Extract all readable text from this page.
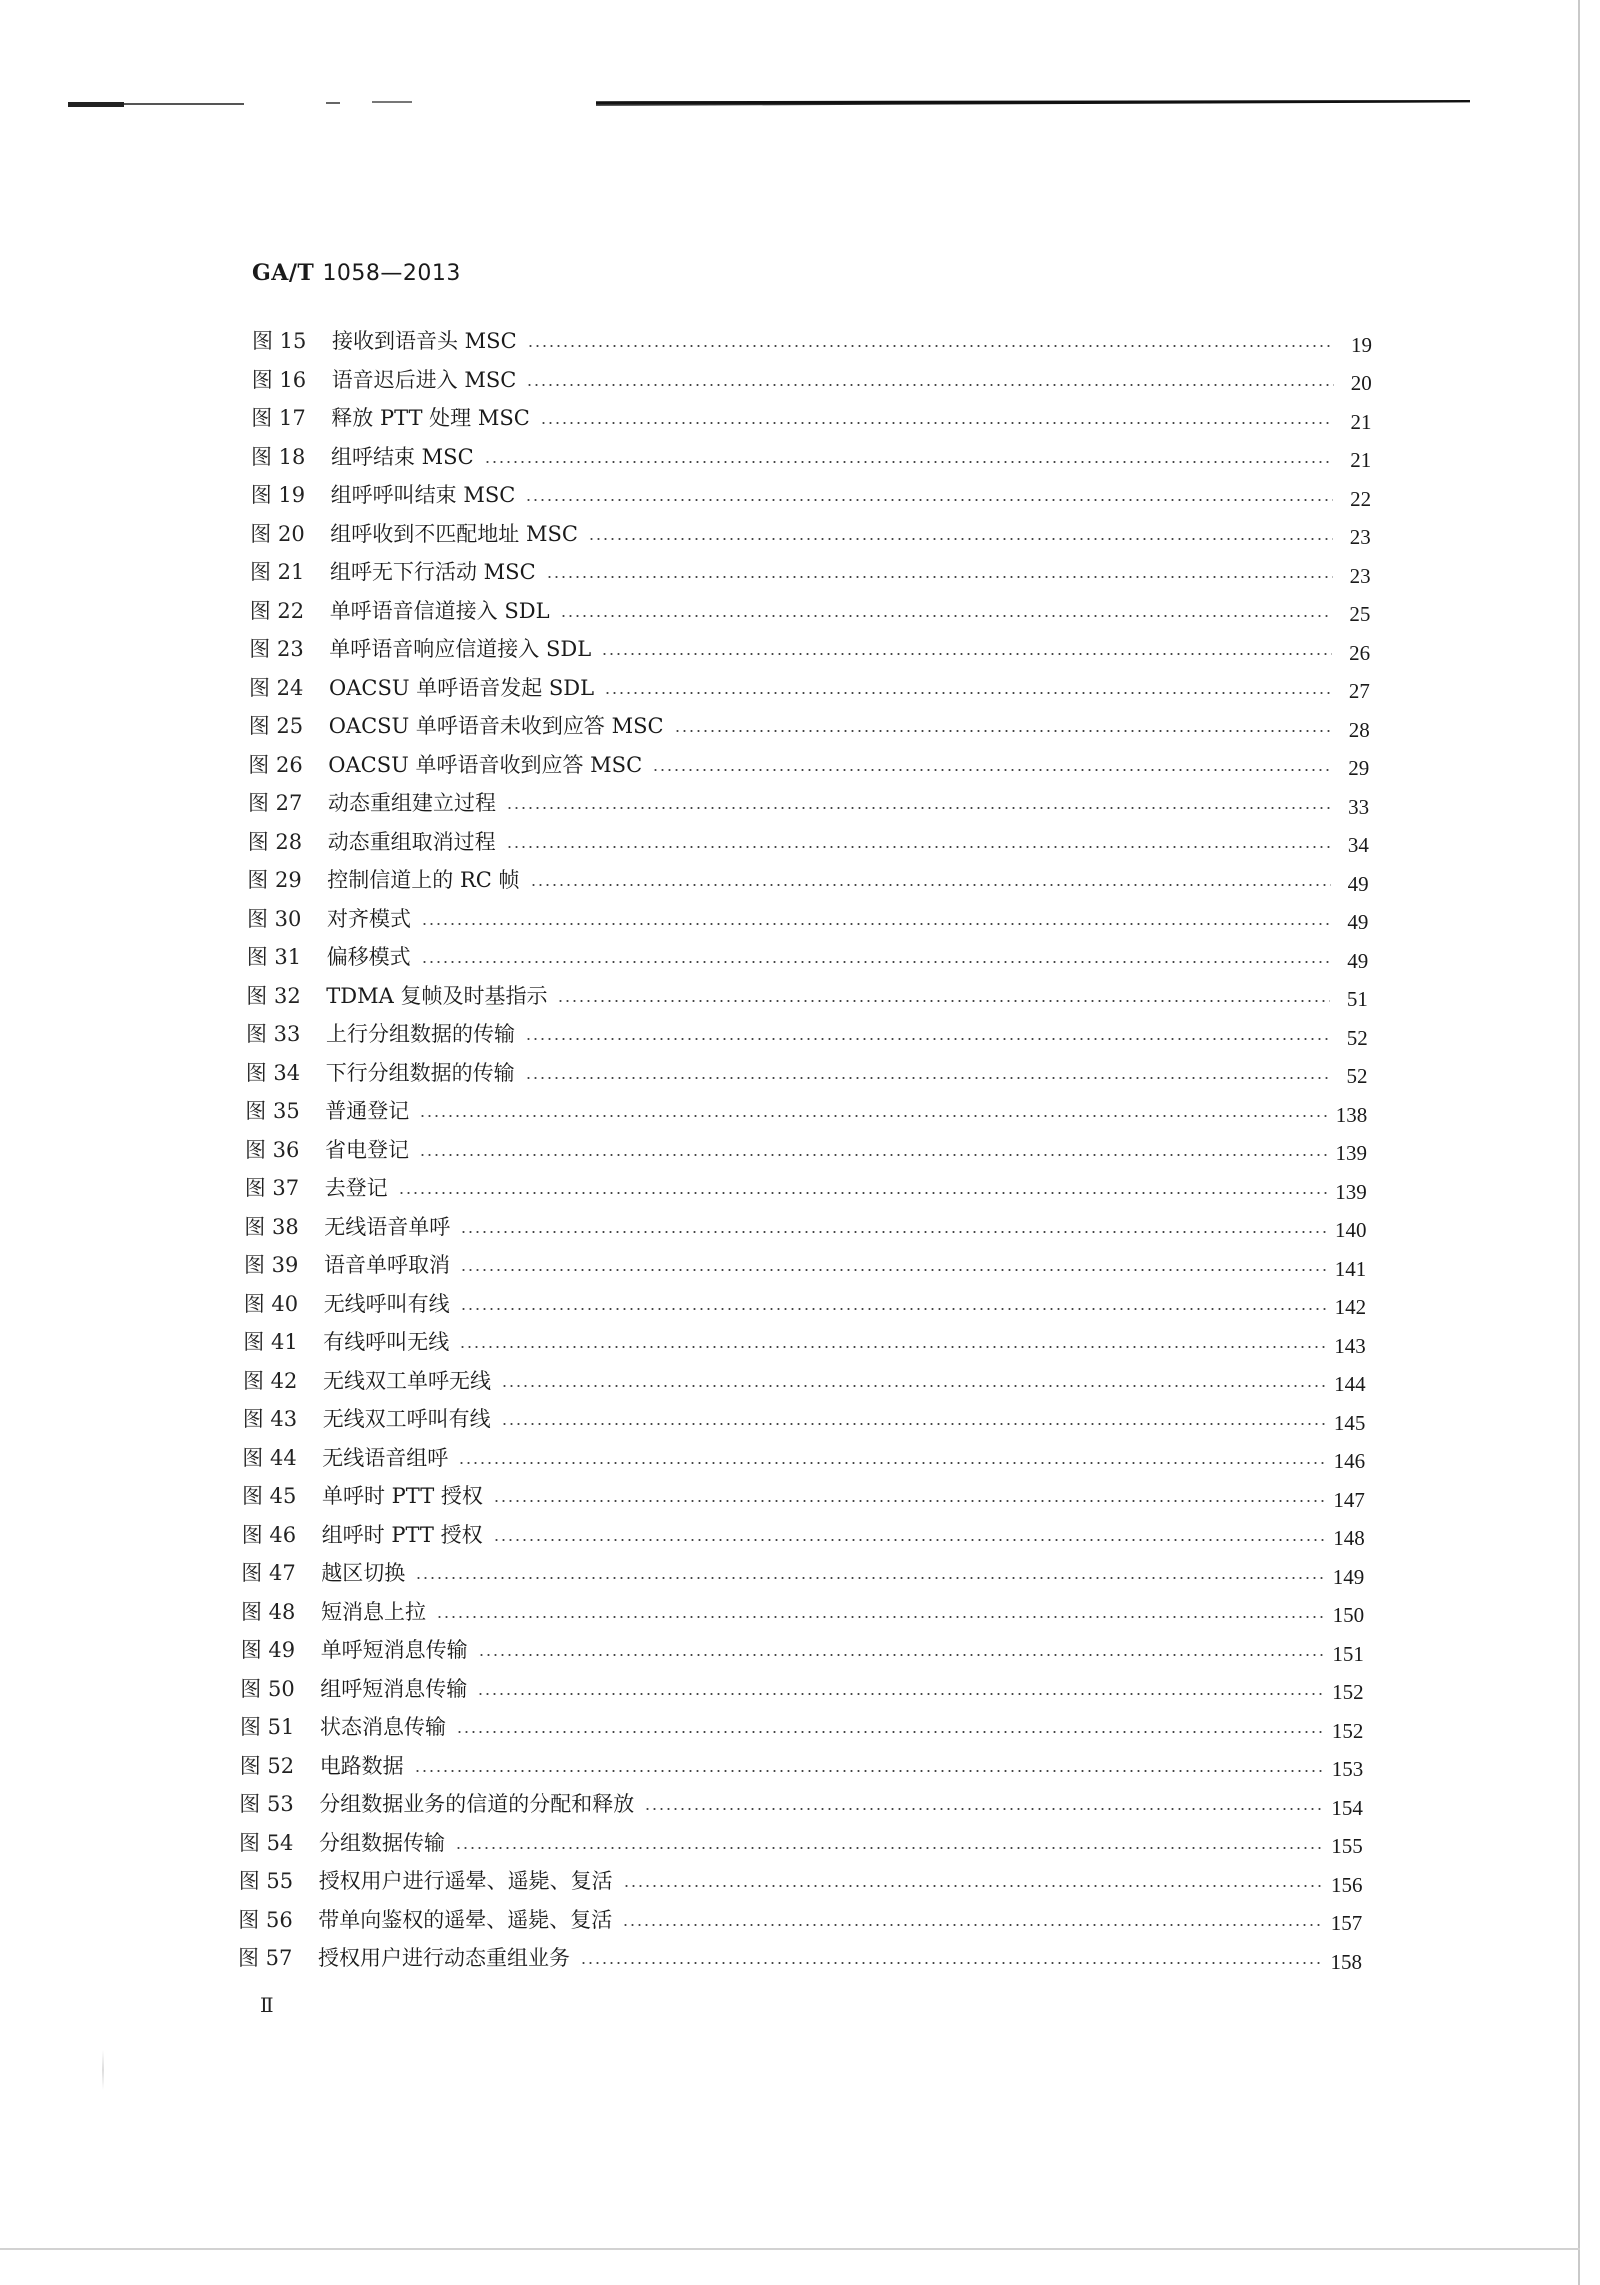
GA/T 1058—2013
图 15	接收到语音头 MSC	19
图 16	语音迟后进入 MSC	20
图 17	释放 PTT 处理 MSC	21
图 18	组呼结束 MSC	21
图 19	组呼呼叫结束 MSC	22
图 20	组呼收到不匹配地址 MSC	23
图 21	组呼无下行活动 MSC	23
图 22	单呼语音信道接入 SDL	25
图 23	单呼语音响应信道接入 SDL	26
图 24	OACSU 单呼语音发起 SDL	27
图 25	OACSU 单呼语音未收到应答 MSC	28
图 26	OACSU 单呼语音收到应答 MSC	29
图 27	动态重组建立过程	33
图 28	动态重组取消过程	34
图 29	控制信道上的 RC 帧	49
图 30	对齐模式	49
图 31	偏移模式	49
图 32	TDMA 复帧及时基指示	51
图 33	上行分组数据的传输	52
图 34	下行分组数据的传输	52
图 35	普通登记	138
图 36	省电登记	139
图 37	去登记	139
图 38	无线语音单呼	140
图 39	语音单呼取消	141
图 40	无线呼叫有线	142
图 41	有线呼叫无线	143
图 42	无线双工单呼无线	144
图 43	无线双工呼叫有线	145
图 44	无线语音组呼	146
图 45	单呼时 PTT 授权	147
图 46	组呼时 PTT 授权	148
图 47	越区切换	149
图 48	短消息上拉	150
图 49	单呼短消息传输	151
图 50	组呼短消息传输	152
图 51	状态消息传输	152
图 52	电路数据	153
图 53	分组数据业务的信道的分配和释放	154
图 54	分组数据传输	155
图 55	授权用户进行遥晕、遥毙、复活	156
图 56	带单向鉴权的遥晕、遥毙、复活	157
图 57	授权用户进行动态重组业务	158
Ⅱ
